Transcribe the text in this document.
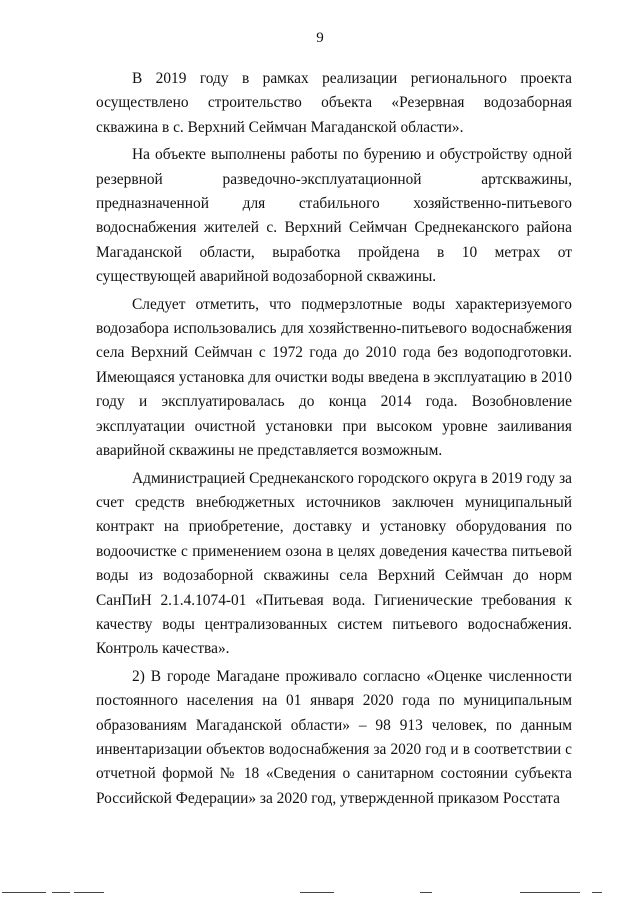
9

В 2019 году в рамках реализации регионального проекта осуществлено строительство объекта «Резервная водозаборная скважина в с. Верхний Сеймчан Магаданской области».

На объекте выполнены работы по бурению и обустройству одной резервной разведочно-эксплуатационной артскважины, предназначенной для стабильного хозяйственно-питьевого водоснабжения жителей с. Верхний Сеймчан Среднеканского района Магаданской области, выработка пройдена в 10 метрах от существующей аварийной водозаборной скважины.

Следует отметить, что подмерзлотные воды характеризуемого водозабора использовались для хозяйственно-питьевого водоснабжения села Верхний Сеймчан с 1972 года до 2010 года без водоподготовки. Имеющаяся установка для очистки воды введена в эксплуатацию в 2010 году и эксплуатировалась до конца 2014 года. Возобновление эксплуатации очистной установки при высоком уровне заиливания аварийной скважины не представляется возможным.

Администрацией Среднеканского городского округа в 2019 году за счет средств внебюджетных источников заключен муниципальный контракт на приобретение, доставку и установку оборудования по водоочистке с применением озона в целях доведения качества питьевой воды из водозаборной скважины села Верхний Сеймчан до норм СанПиН 2.1.4.1074-01 «Питьевая вода. Гигиенические требования к качеству воды централизованных систем питьевого водоснабжения. Контроль качества».

2) В городе Магадане проживало согласно «Оценке численности постоянного населения на 01 января 2020 года по муниципальным образованиям Магаданской области» – 98 913 человек, по данным инвентаризации объектов водоснабжения за 2020 год и в соответствии с отчетной формой № 18 «Сведения о санитарном состоянии субъекта Российской Федерации» за 2020 год, утвержденной приказом Росстата
